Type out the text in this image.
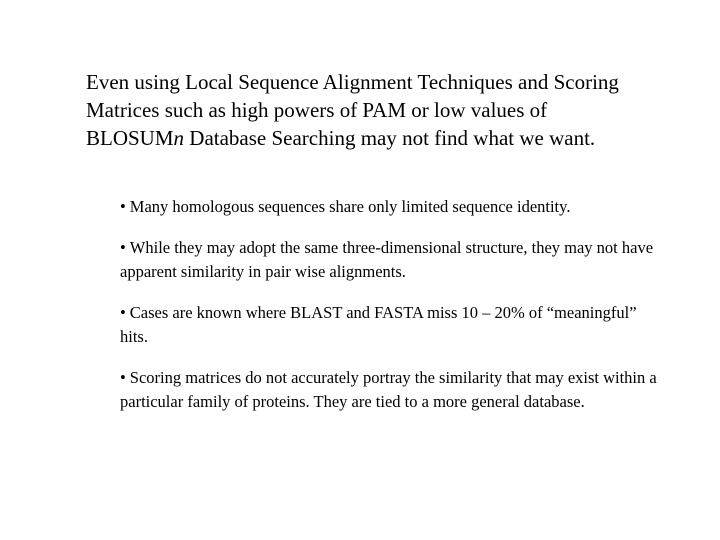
Even using Local Sequence Alignment Techniques and Scoring Matrices such as high powers of PAM or low values of BLOSUMn Database Searching may not find what we want.

• Many homologous sequences share only limited sequence identity.
• While they may adopt the same three-dimensional structure, they may not have apparent similarity in pair wise alignments.
• Cases are known where BLAST and FASTA miss 10 – 20% of “meaningful” hits.
• Scoring matrices do not accurately portray the similarity that may exist within a particular family of proteins. They are tied to a more general database.
